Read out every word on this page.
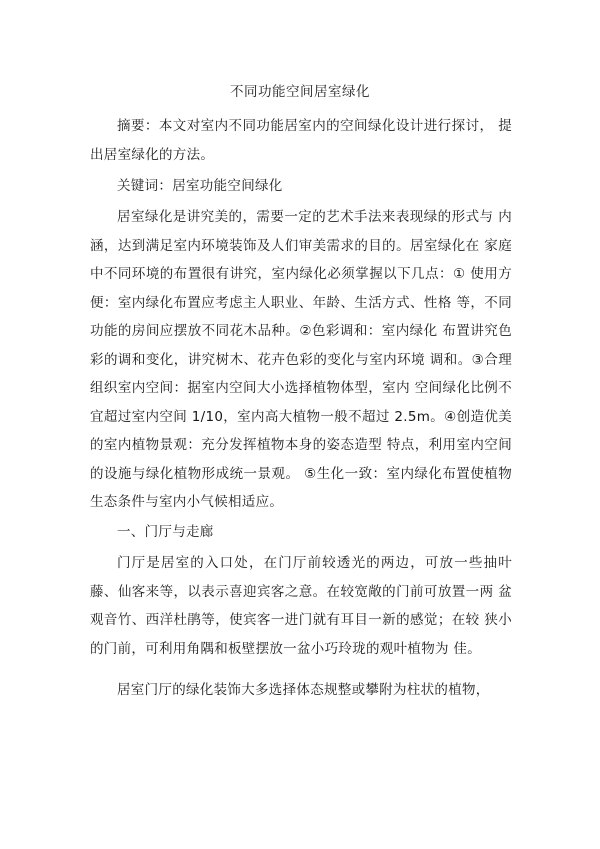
不同功能空间居室绿化

摘要：本文对室内不同功能居室内的空间绿化设计进行探讨， 提出居室绿化的方法。

关键词：居室功能空间绿化

居室绿化是讲究美的，需要一定的艺术手法来表现绿的形式与 内涵，达到满足室内环境装饰及人们审美需求的目的。居室绿化在 家庭中不同环境的布置很有讲究，室内绿化必须掌握以下几点：① 使用方便：室内绿化布置应考虑主人职业、年龄、生活方式、性格 等，不同功能的房间应摆放不同花木品种。②色彩调和：室内绿化 布置讲究色彩的调和变化，讲究树木、花卉色彩的变化与室内环境 调和。③合理组织室内空间：据室内空间大小选择植物体型，室内 空间绿化比例不宜超过室内空间 1/10，室内高大植物一般不超过 2.5m。④创造优美的室内植物景观：充分发挥植物本身的姿态造型 特点，利用室内空间的设施与绿化植物形成统一景观。 ⑤生化一致：室内绿化布置使植物生态条件与室内小气候相适应。

一、门厅与走廊

门厅是居室的入口处，在门厅前较透光的两边，可放一些抽叶 藤、仙客来等，以表示喜迎宾客之意。在较宽敞的门前可放置一两 盆观音竹、西洋杜鹃等，使宾客一进门就有耳目一新的感觉；在较 狭小的门前，可利用角隅和板壁摆放一盆小巧玲珑的观叶植物为 佳。

居室门厅的绿化装饰大多选择体态规整或攀附为柱状的植物，
